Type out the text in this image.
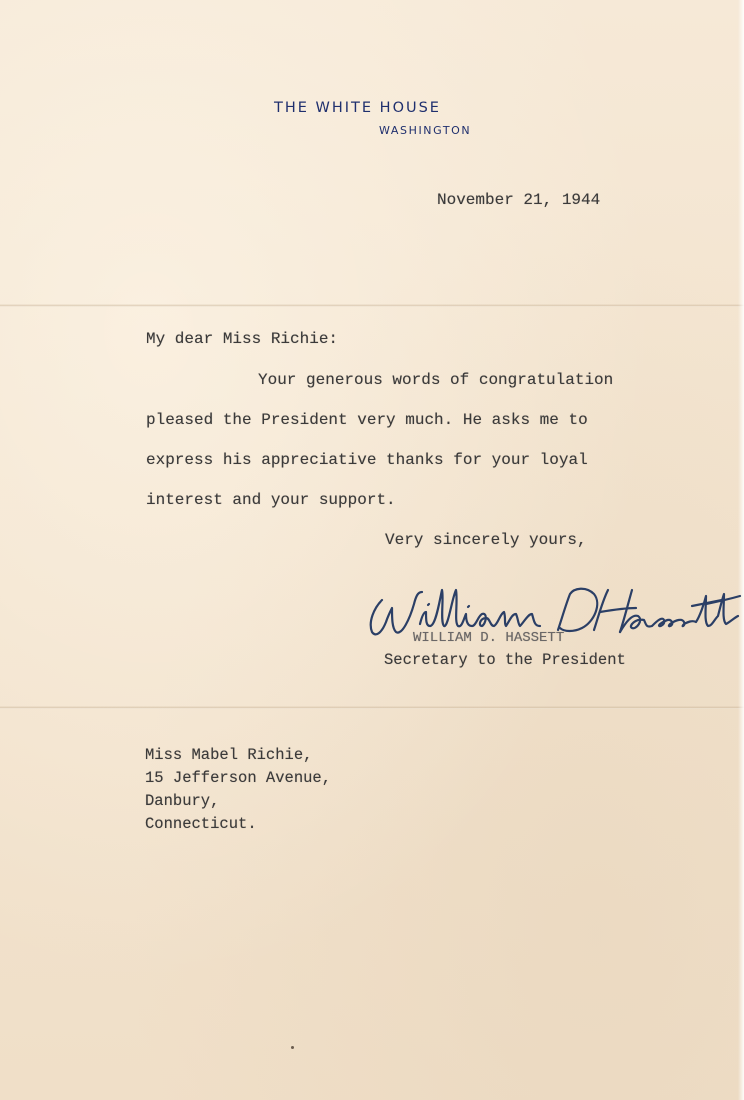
THE WHITE HOUSE
WASHINGTON
November 21, 1944
My dear Miss Richie:
Your generous words of congratulation
pleased the President very much. He asks me to
express his appreciative thanks for your loyal
interest and your support.
Very sincerely yours,
WILLIAM D. HASSETT
Secretary to the President
Miss Mabel Richie,
15 Jefferson Avenue,
Danbury,
Connecticut.
